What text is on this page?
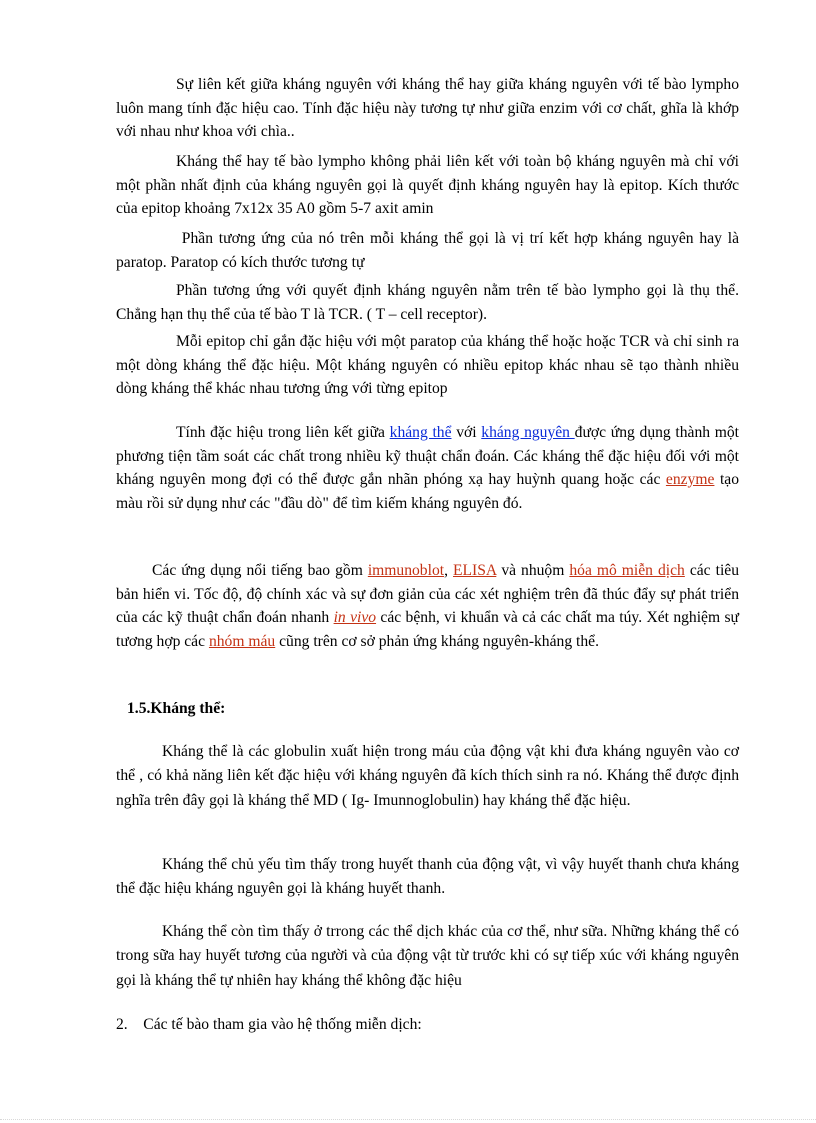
Sự liên kết giữa kháng nguyên với kháng thể hay giữa kháng nguyên với tế bào lympho luôn mang tính đặc hiệu cao. Tính đặc hiệu này tương tự như giữa enzim với cơ chất, ghĩa là khớp với nhau như khoa với chìa..

Kháng thể hay tế bào lympho không phải liên kết với toàn bộ kháng nguyên mà chỉ với một phần nhất định của kháng nguyên gọi là quyết định kháng nguyên hay là epitop. Kích thước của epitop khoảng 7x12x 35 A0 gồm 5-7 axit amin

Phần tương ứng của nó trên mỗi kháng thể gọi là vị trí kết hợp kháng nguyên hay là paratop. Paratop có kích thước tương tự

Phần tương ứng với quyết định kháng nguyên nằm trên tế bào lympho gọi là thụ thể. Chẳng hạn thụ thể của tế bào T là TCR. ( T – cell receptor).

Mỗi epitop chỉ gắn đặc hiệu với một paratop của kháng thể hoặc hoặc TCR và chỉ sinh ra một dòng kháng thể đặc hiệu. Một kháng nguyên có nhiều epitop khác nhau sẽ tạo thành nhiều dòng kháng thể khác nhau tương ứng với từng epitop

Tính đặc hiệu trong liên kết giữa kháng thể với kháng nguyên được ứng dụng thành một phương tiện tầm soát các chất trong nhiều kỹ thuật chẩn đoán. Các kháng thể đặc hiệu đối với một kháng nguyên mong đợi có thể được gắn nhãn phóng xạ hay huỳnh quang hoặc các enzyme tạo màu rồi sử dụng như các "đầu dò" để tìm kiếm kháng nguyên đó.

Các ứng dụng nổi tiếng bao gồm immunoblot, ELISA và nhuộm hóa mô miễn dịch các tiêu bản hiển vi. Tốc độ, độ chính xác và sự đơn giản của các xét nghiệm trên đã thúc đẩy sự phát triển của các kỹ thuật chẩn đoán nhanh in vivo các bệnh, vi khuẩn và cả các chất ma túy. Xét nghiệm sự tương hợp các nhóm máu cũng trên cơ sở phản ứng kháng nguyên-kháng thể.

1.5.Kháng thể:

Kháng thể là các globulin xuất hiện trong máu của động vật khi đưa kháng nguyên vào cơ thể , có khả năng liên kết đặc hiệu với kháng nguyên đã kích thích sinh ra nó. Kháng thể được định nghĩa trên đây gọi là kháng thể MD ( Ig- Imunnoglobulin) hay kháng thể đặc hiệu.

Kháng thể chủ yếu tìm thấy trong huyết thanh của động vật, vì vậy huyết thanh chưa kháng thể đặc hiệu kháng nguyên gọi là kháng huyết thanh.

Kháng thể còn tìm thấy ở trrong các thể dịch khác của cơ thể, như sữa. Những kháng thể có trong sữa hay huyết tương của người và của động vật từ trước khi có sự tiếp xúc với kháng nguyên gọi là kháng thể tự nhiên hay kháng thể không đặc hiệu

2.    Các tế bào tham gia vào hệ thống miễn dịch:
